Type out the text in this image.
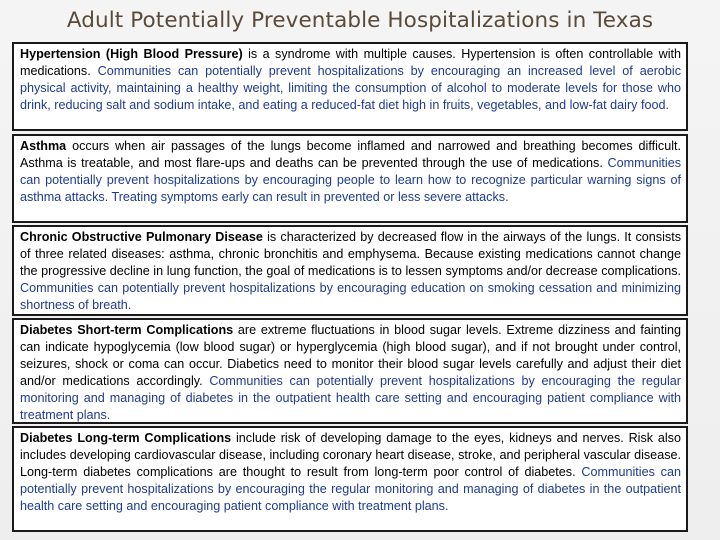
Adult Potentially Preventable Hospitalizations in Texas
Hypertension (High Blood Pressure) is a syndrome with multiple causes. Hypertension is often controllable with medications. Communities can potentially prevent hospitalizations by encouraging an increased level of aerobic physical activity, maintaining a healthy weight, limiting the consumption of alcohol to moderate levels for those who drink, reducing salt and sodium intake, and eating a reduced-fat diet high in fruits, vegetables, and low-fat dairy food.
Asthma occurs when air passages of the lungs become inflamed and narrowed and breathing becomes difficult. Asthma is treatable, and most flare-ups and deaths can be prevented through the use of medications. Communities can potentially prevent hospitalizations by encouraging people to learn how to recognize particular warning signs of asthma attacks. Treating symptoms early can result in prevented or less severe attacks.
Chronic Obstructive Pulmonary Disease is characterized by decreased flow in the airways of the lungs. It consists of three related diseases: asthma, chronic bronchitis and emphysema. Because existing medications cannot change the progressive decline in lung function, the goal of medications is to lessen symptoms and/or decrease complications. Communities can potentially prevent hospitalizations by encouraging education on smoking cessation and minimizing shortness of breath.
Diabetes Short-term Complications are extreme fluctuations in blood sugar levels. Extreme dizziness and fainting can indicate hypoglycemia (low blood sugar) or hyperglycemia (high blood sugar), and if not brought under control, seizures, shock or coma can occur. Diabetics need to monitor their blood sugar levels carefully and adjust their diet and/or medications accordingly. Communities can potentially prevent hospitalizations by encouraging the regular monitoring and managing of diabetes in the outpatient health care setting and encouraging patient compliance with treatment plans.
Diabetes Long-term Complications include risk of developing damage to the eyes, kidneys and nerves. Risk also includes developing cardiovascular disease, including coronary heart disease, stroke, and peripheral vascular disease. Long-term diabetes complications are thought to result from long-term poor control of diabetes. Communities can potentially prevent hospitalizations by encouraging the regular monitoring and managing of diabetes in the outpatient health care setting and encouraging patient compliance with treatment plans.
